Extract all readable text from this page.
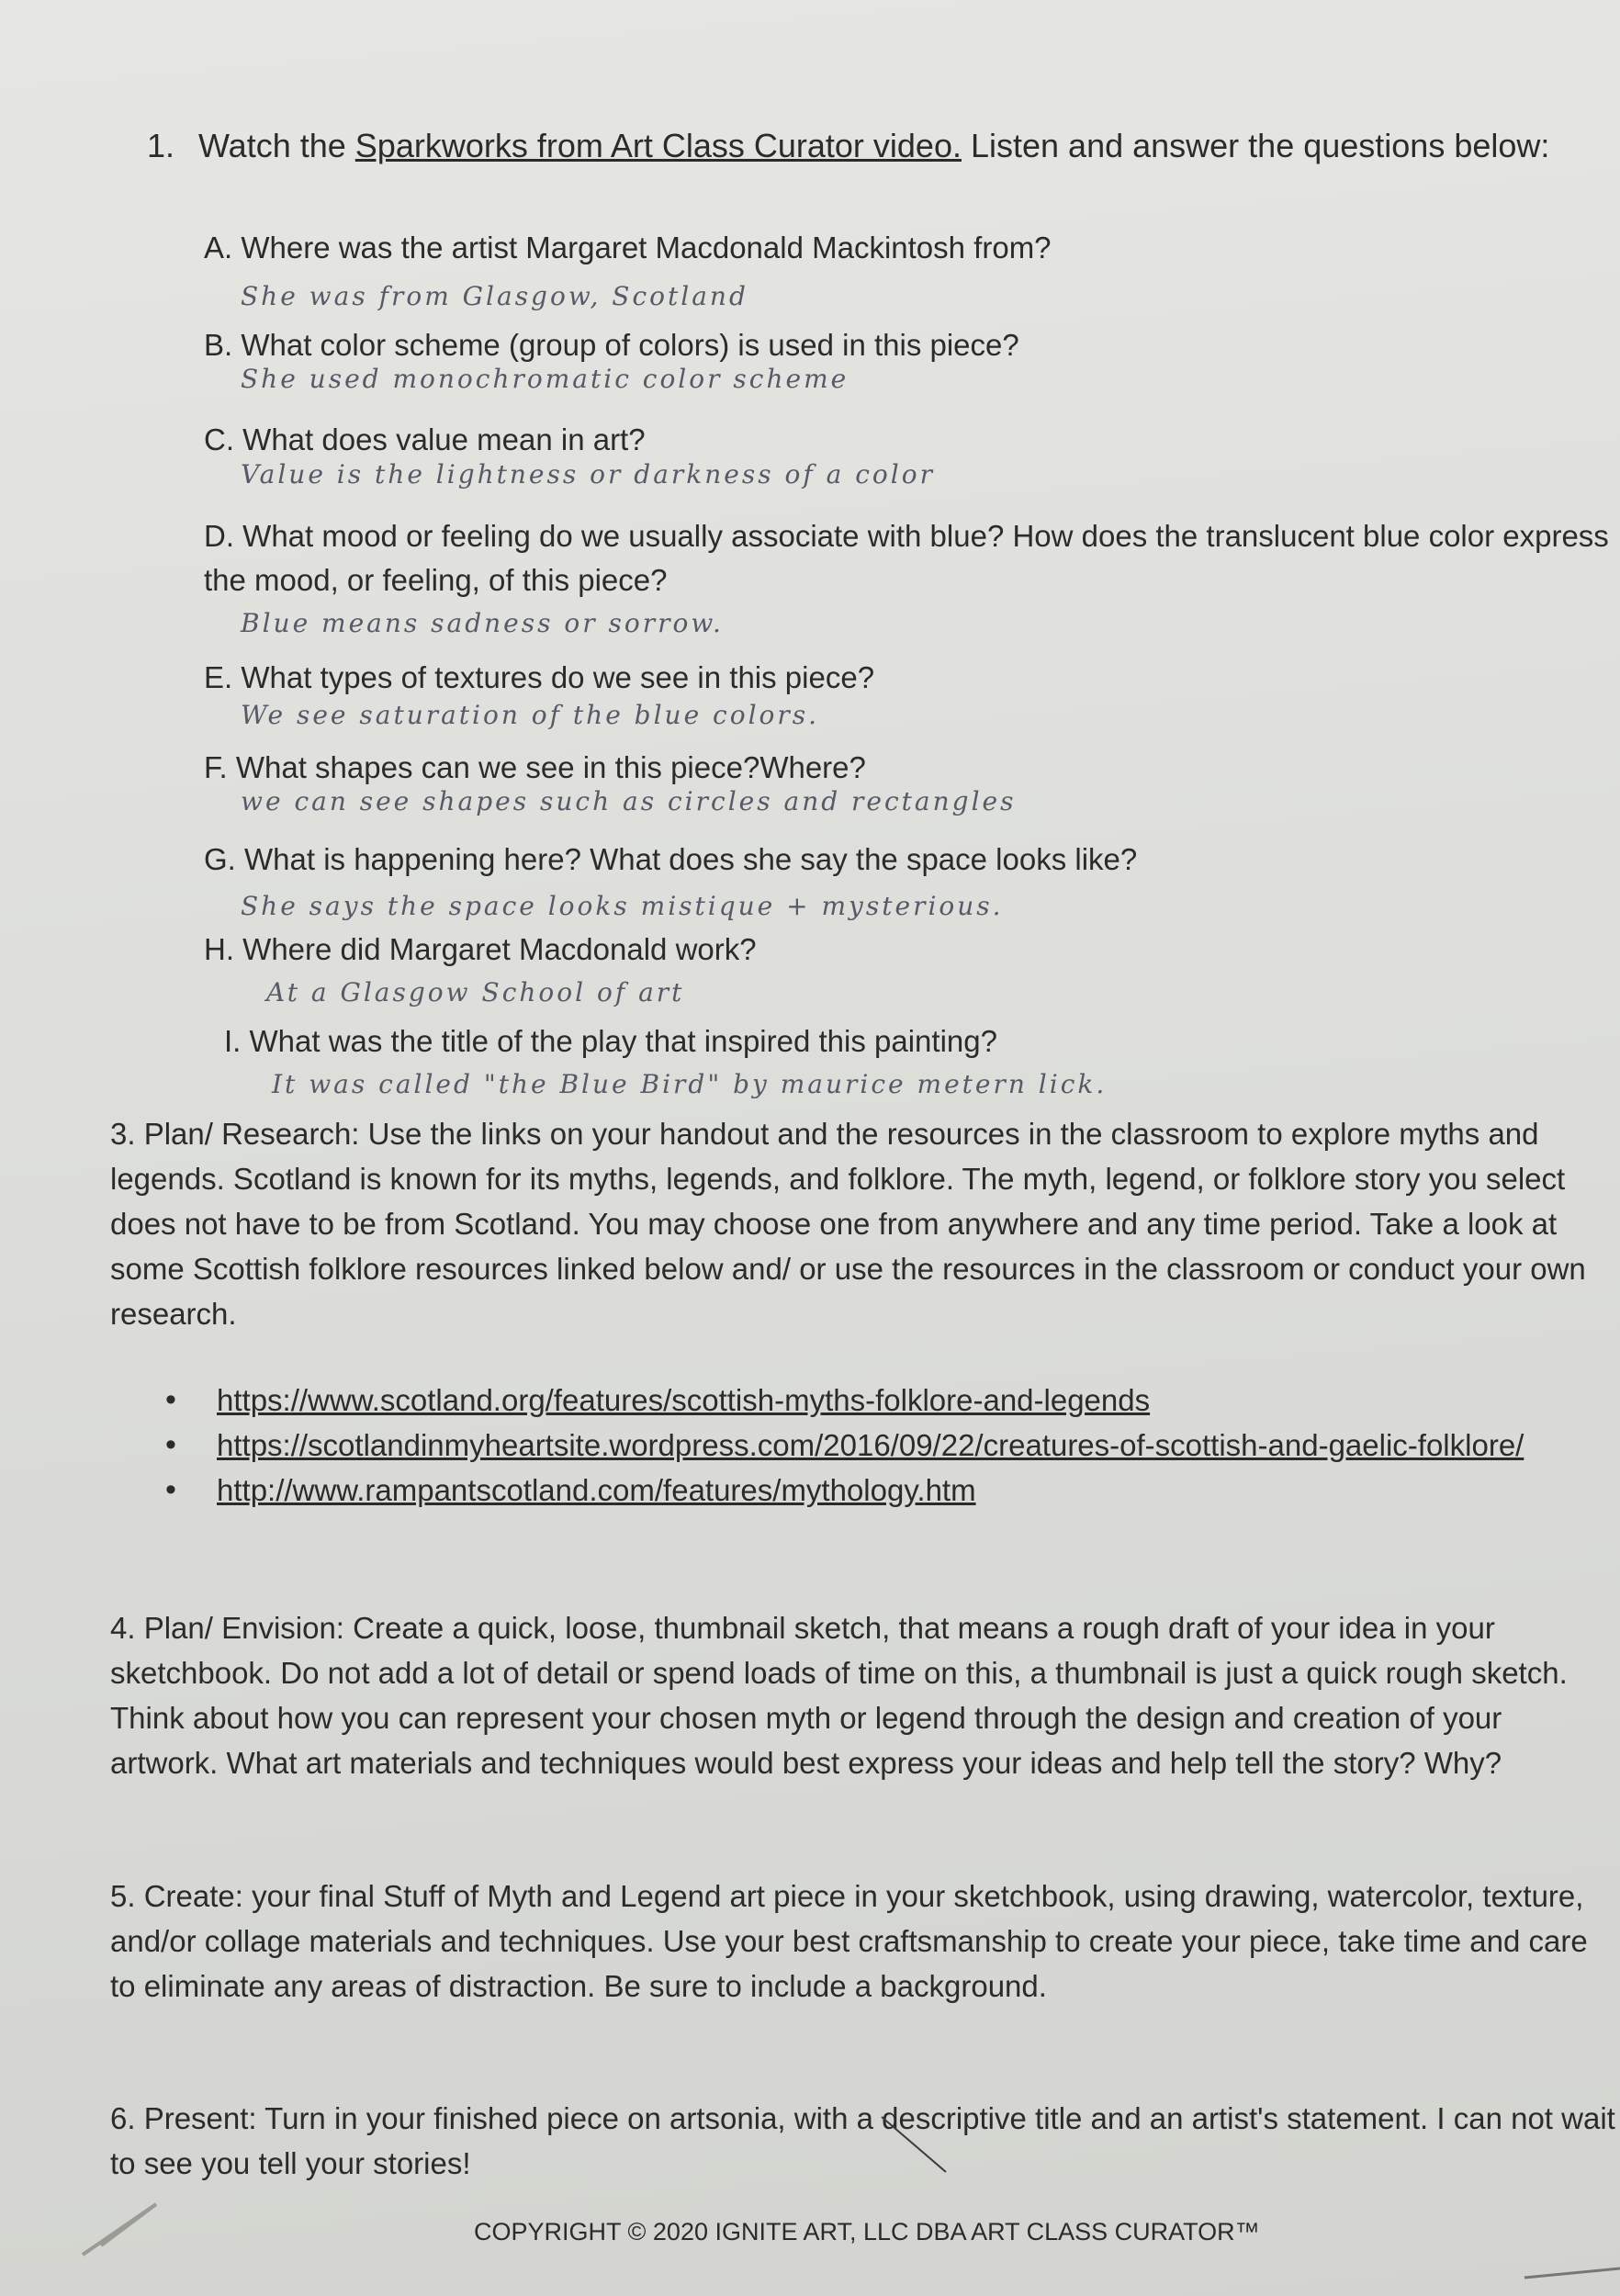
1. Watch the Sparkworks from Art Class Curator video. Listen and answer the questions below:
A. Where was the artist Margaret Macdonald Mackintosh from?
She was from Glasgow, Scotland
B. What color scheme (group of colors) is used in this piece?
She used monochromatic color scheme
C. What does value mean in art?
Value is the lightness or darkness of a color
D. What mood or feeling do we usually associate with blue? How does the translucent blue color express the mood, or feeling, of this piece?
Blue means sadness or sorrow.
E. What types of textures do we see in this piece?
We see saturation of the blue colors.
F. What shapes can we see in this piece?Where?
we can see shapes such as circles and rectangles
G. What is happening here? What does she say the space looks like?
She says the space looks mistique + mysterious.
H. Where did Margaret Macdonald work?
At a Glasgow School of art
I. What was the title of the play that inspired this painting?
It was called "the Blue Bird" by maurice metern lick.
3. Plan/ Research: Use the links on your handout and the resources in the classroom to explore myths and legends. Scotland is known for its myths, legends, and folklore. The myth, legend, or folklore story you select does not have to be from Scotland. You may choose one from anywhere and any time period. Take a look at some Scottish folklore resources linked below and/ or use the resources in the classroom or conduct your own research.
• https://www.scotland.org/features/scottish-myths-folklore-and-legends
• https://scotlandinmyheartsite.wordpress.com/2016/09/22/creatures-of-scottish-and-gaelic-folklore/
• http://www.rampantscotland.com/features/mythology.htm
4. Plan/ Envision: Create a quick, loose, thumbnail sketch, that means a rough draft of your idea in your sketchbook. Do not add a lot of detail or spend loads of time on this, a thumbnail is just a quick rough sketch. Think about how you can represent your chosen myth or legend through the design and creation of your artwork. What art materials and techniques would best express your ideas and help tell the story? Why?
5. Create: your final Stuff of Myth and Legend art piece in your sketchbook, using drawing, watercolor, texture, and/or collage materials and techniques. Use your best craftsmanship to create your piece, take time and care to eliminate any areas of distraction. Be sure to include a background.
6. Present: Turn in your finished piece on artsonia, with a descriptive title and an artist's statement. I can not wait to see you tell your stories!
COPYRIGHT © 2020 IGNITE ART, LLC DBA ART CLASS CURATOR™
